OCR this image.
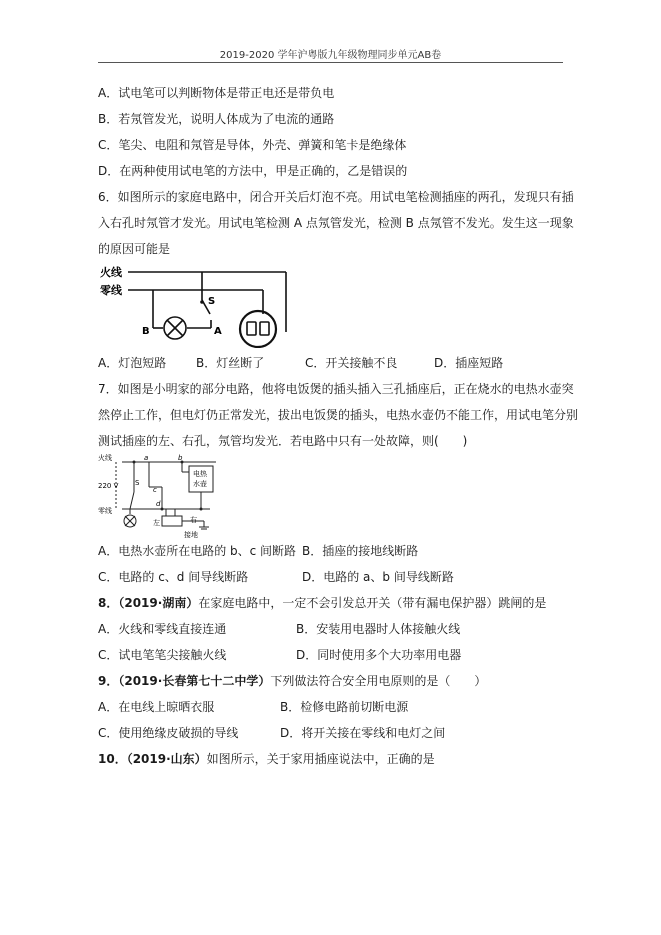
2019-2020 学年沪粤版九年级物理同步单元AB卷
A．试电笔可以判断物体是带正电还是带负电
B．若氖管发光，说明人体成为了电流的通路
C．笔尖、电阻和氖管是导体，外壳、弹簧和笔卡是绝缘体
D．在两种使用试电笔的方法中，甲是正确的，乙是错误的
6．如图所示的家庭电路中，闭合开关后灯泡不亮。用试电笔检测插座的两孔，发现只有插
入右孔时氖管才发光。用试电笔检测 A 点氖管发光，检测 B 点氖管不发光。发生这一现象
的原因可能是
火线
零线
S
B	A
A．灯泡短路 B．灯丝断了	C．开关接触不良	D．插座短路
7．如图是小明家的部分电路，他将电饭煲的插头插入三孔插座后，正在烧水的电热水壶突
然停止工作，但电灯仍正常发光，拔出电饭煲的插头，电热水壶仍不能工作，用试电笔分别
测试插座的左、右孔，氖管均发光．若电路中只有一处故障，则(　　)
火线
220 V
零线
a	b
c
d
S
电热
水壶
左	右
接地
A．电热水壶所在电路的 b、c 间断路 B．插座的接地线断路
C．电路的 c、d 间导线断路	D．电路的 a、b 间导线断路
8．（2019·湖南）在家庭电路中，一定不会引发总开关（带有漏电保护器）跳闸的是
A．火线和零线直接连通	B．安装用电器时人体接触火线
C．试电笔笔尖接触火线	D．同时使用多个大功率用电器
9．（2019·长春第七十二中学）下列做法符合安全用电原则的是（　　）
A．在电线上晾晒衣服	B．检修电路前切断电源
C．使用绝缘皮破损的导线	D．将开关接在零线和电灯之间
10．（2019·山东）如图所示，关于家用插座说法中，正确的是
